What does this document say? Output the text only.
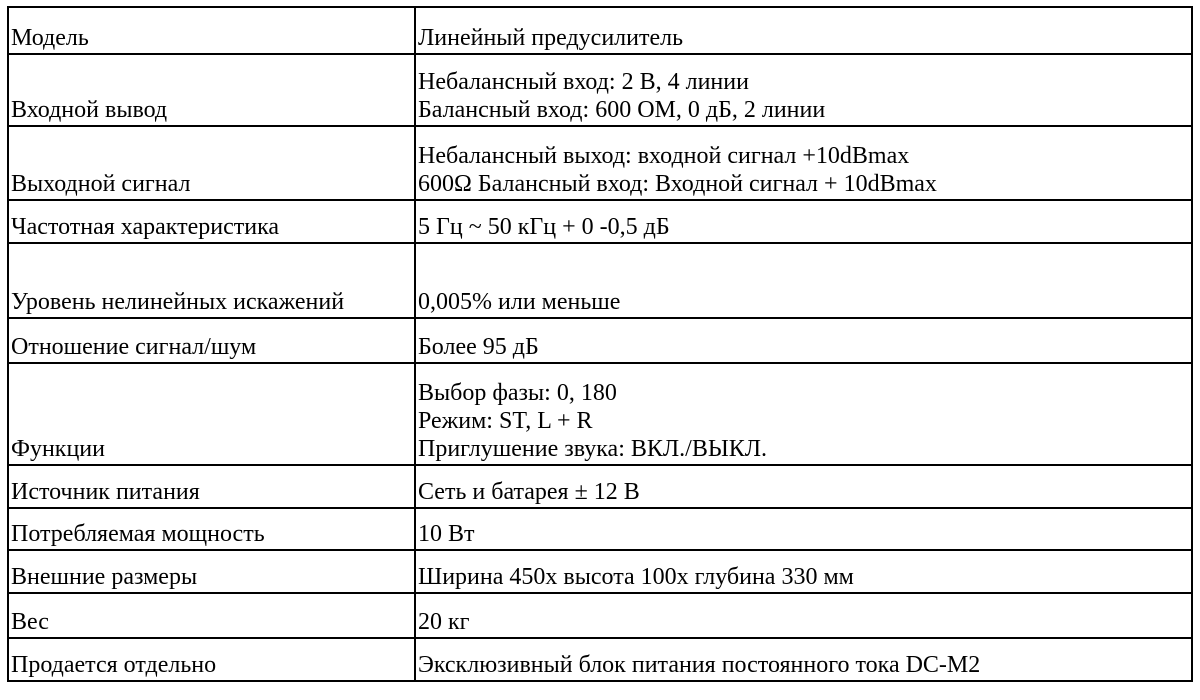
Модель	Линейный предусилитель

Входной вывод	Небалансный вход: 2 В, 4 линии
Балансный вход: 600 ОМ, 0 дБ, 2 линии

Выходной сигнал	Небалансный выход: входной сигнал +10dBmax
600Ω Балансный вход: Входной сигнал + 10dBmax

Частотная характеристика	5 Гц ~ 50 кГц + 0 -0,5 дБ

Уровень нелинейных искажений	0,005% или меньше

Отношение сигнал/шум	Более 95 дБ

Функции	Выбор фазы: 0, 180
Режим: ST, L + R
Приглушение звука: ВКЛ./ВЫКЛ.

Источник питания	Сеть и батарея ± 12 В

Потребляемая мощность	10 Вт

Внешние размеры	Ширина 450х высота 100х глубина 330 мм

Вес	20 кг

Продается отдельно	Эксклюзивный блок питания постоянного тока DC-M2
